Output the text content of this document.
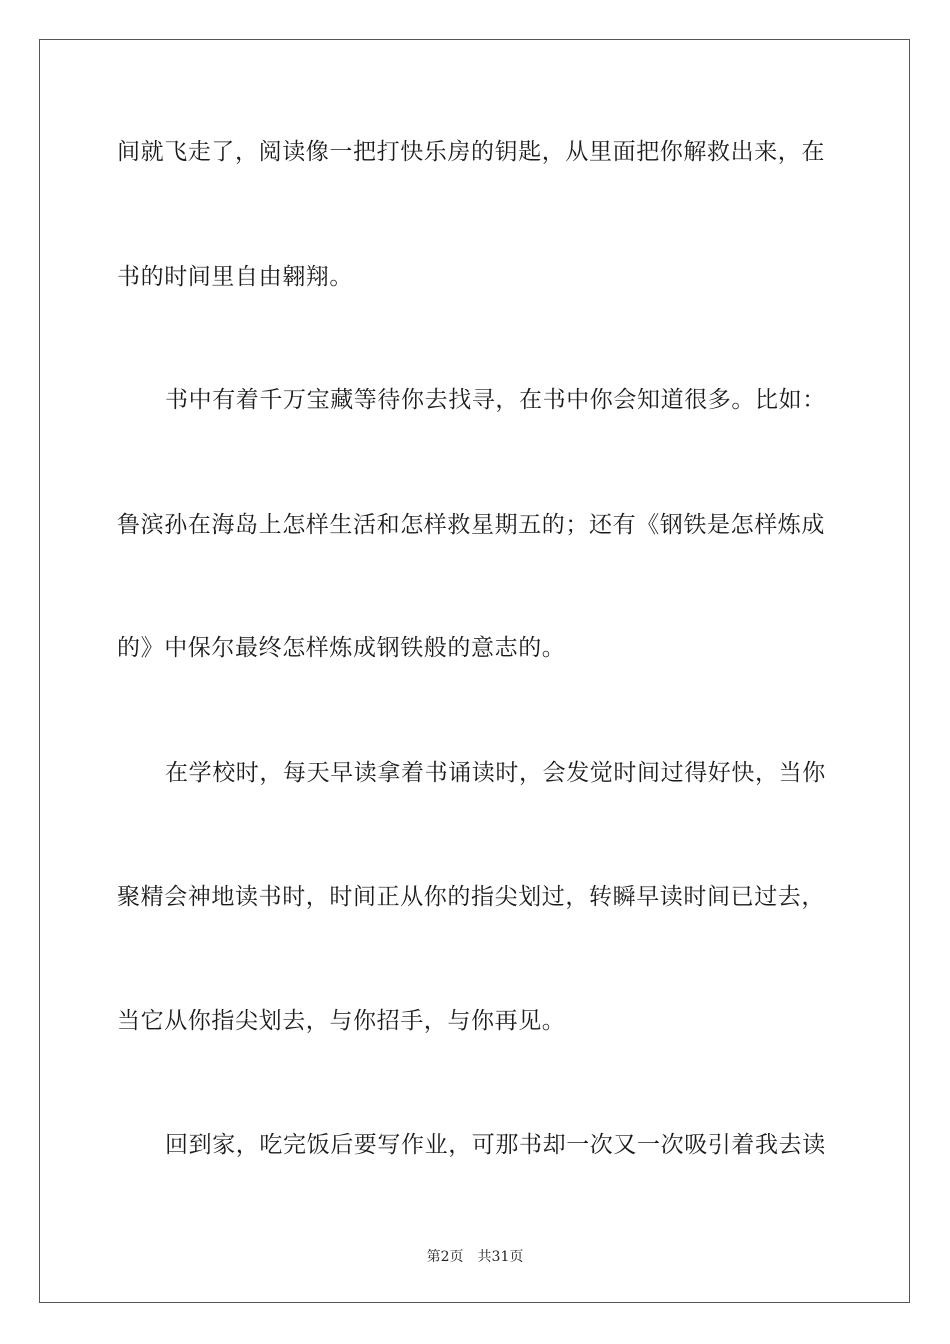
间就飞走了，阅读像一把打快乐房的钥匙，从里面把你解救出来，在
书的时间里自由翱翔。
书中有着千万宝藏等待你去找寻，在书中你会知道很多。比如：
鲁滨孙在海岛上怎样生活和怎样救星期五的；还有《钢铁是怎样炼成
的》中保尔最终怎样炼成钢铁般的意志的。
在学校时，每天早读拿着书诵读时，会发觉时间过得好快，当你
聚精会神地读书时，时间正从你的指尖划过，转瞬早读时间已过去，
当它从你指尖划去，与你招手，与你再见。
回到家，吃完饭后要写作业，可那书却一次又一次吸引着我去读
第2页 共31页
